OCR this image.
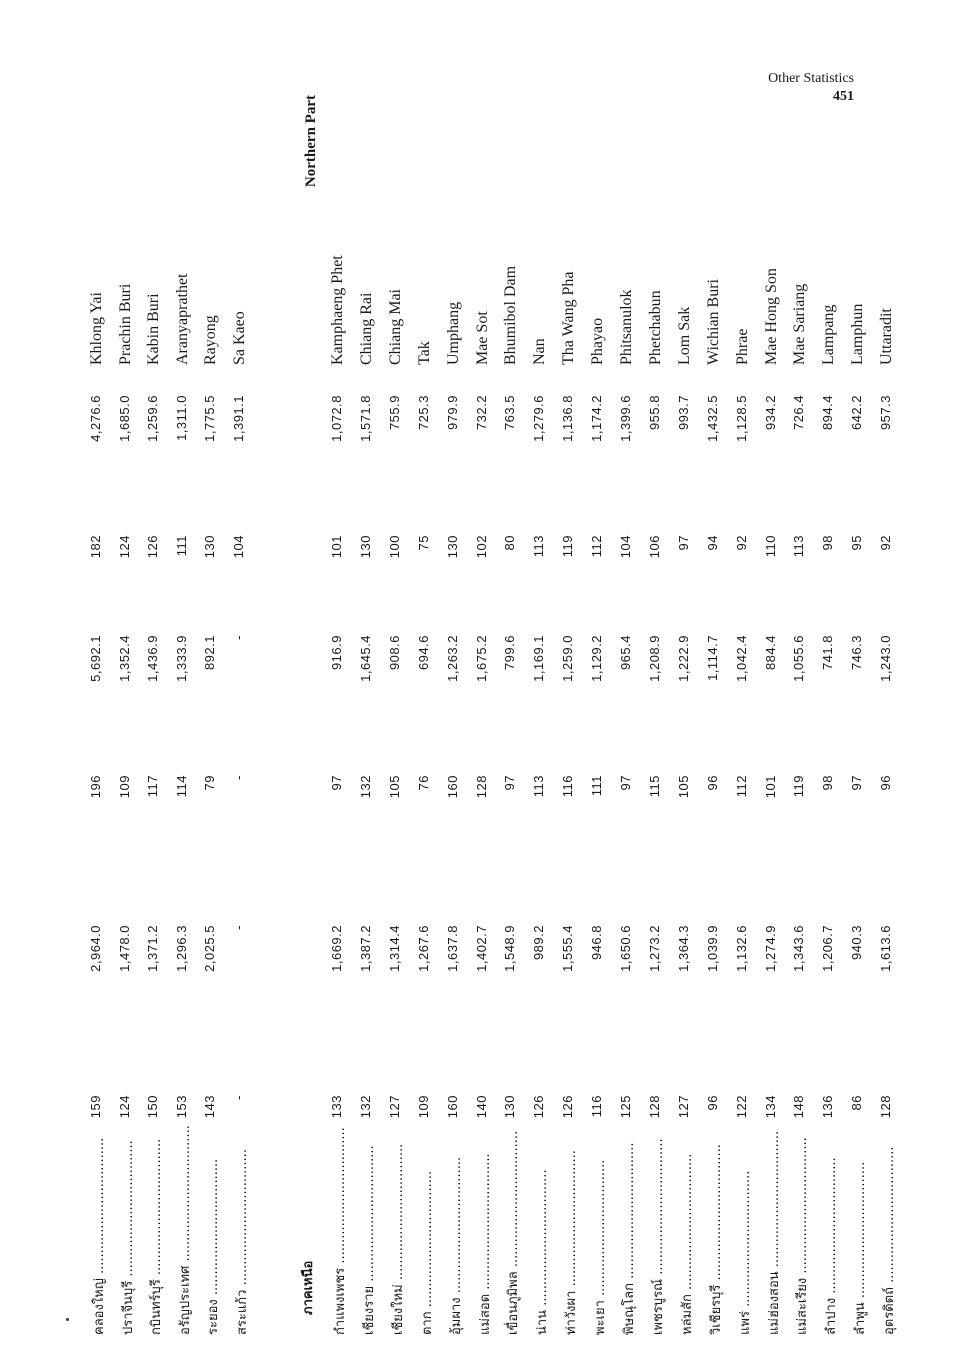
Other Statistics
451
ภาคเหนือ
Northern Part
คลองใหญ่ .................................
159
2,964.0
196
5,692.1
182
4,276.6
Khlong Yai
ปราจีนบุรี .................................
124
1,478.0
109
1,352.4
124
1,685.0
Prachin Buri
กบินทร์บุรี .................................
150
1,371.2
117
1,436.9
126
1,259.6
Kabin Buri
อรัญประเทศ .................................
153
1,296.3
114
1,333.9
111
1,311.0
Aranyaprathet
ระยอง .................................
143
2,025.5
79
892.1
130
1,775.5
Rayong
สระแก้ว .................................
-
-
-
-
104
1,391.1
Sa Kaeo
กำแพงเพชร .................................
133
1,669.2
97
916.9
101
1,072.8
Kamphaeng Phet
เชียงราย .................................
132
1,387.2
132
1,645.4
130
1,571.8
Chiang Rai
เชียงใหม่ .................................
127
1,314.4
105
908.6
100
755.9
Chiang Mai
ตาก .................................
109
1,267.6
76
694.6
75
725.3
Tak
อุ้มผาง .................................
160
1,637.8
160
1,263.2
130
979.9
Umphang
แม่สอด .................................
140
1,402.7
128
1,675.2
102
732.2
Mae Sot
เขื่อนภูมิพล .................................
130
1,548.9
97
799.6
80
763.5
Bhumibol Dam
น่าน .................................
126
989.2
113
1,169.1
113
1,279.6
Nan
ท่าวังผา .................................
126
1,555.4
116
1,259.0
119
1,136.8
Tha Wang Pha
พะเยา .................................
116
946.8
111
1,129.2
112
1,174.2
Phayao
พิษณุโลก .................................
125
1,650.6
97
965.4
104
1,399.6
Phitsanulok
เพชรบูรณ์ .................................
128
1,273.2
115
1,208.9
106
955.8
Phetchabun
หล่มสัก .................................
127
1,364.3
105
1,222.9
97
993.7
Lom Sak
วิเชียรบุรี .................................
96
1,039.9
96
1,114.7
94
1,432.5
Wichian Buri
แพร่ .................................
122
1,132.6
112
1,042.4
92
1,128.5
Phrae
แม่ฮ่องสอน .................................
134
1,274.9
101
884.4
110
934.2
Mae Hong Son
แม่สะเรียง .................................
148
1,343.6
119
1,055.6
113
726.4
Mae Sariang
ลำปาง .................................
136
1,206.7
98
741.8
98
894.4
Lampang
ลำพูน .................................
86
940.3
97
746.3
95
642.2
Lamphun
อุตรดิตถ์ .................................
128
1,613.6
96
1,243.0
92
957.3
Uttaradit
